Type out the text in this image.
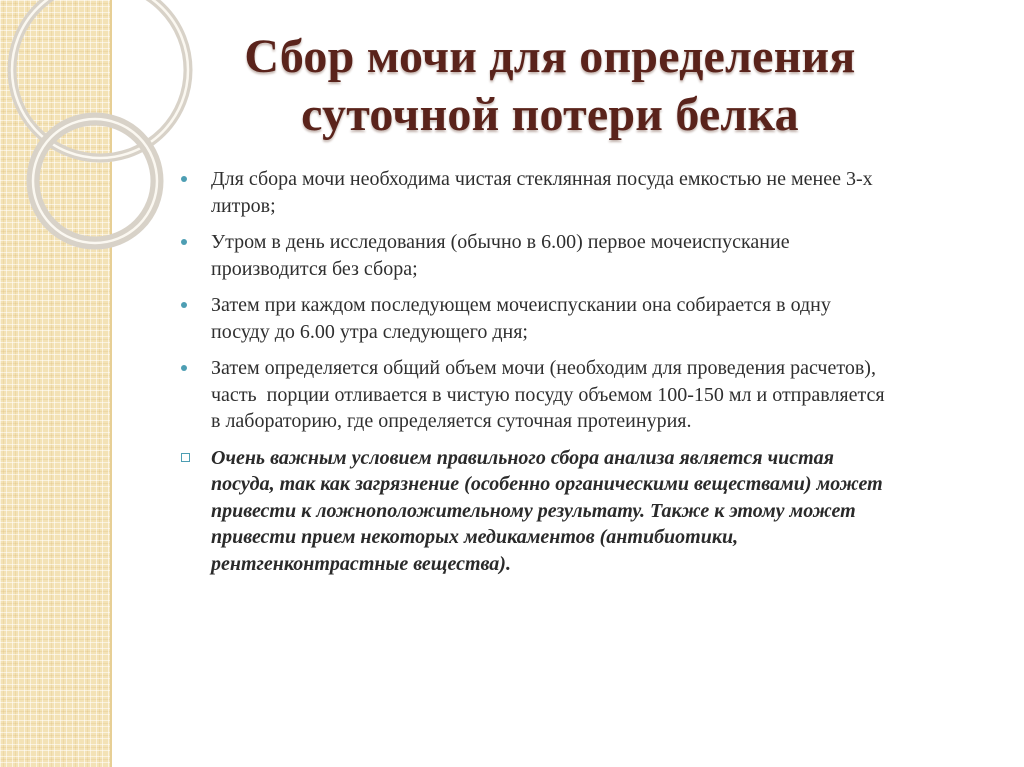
Сбор мочи для определения
суточной потери белка
Для сбора мочи необходима чистая стеклянная посуда емкостью не менее 3-х
литров;
Утром в день исследования (обычно в 6.00) первое мочеиспускание
производится без сбора;
Затем при каждом последующем мочеиспускании она собирается в одну
посуду до 6.00 утра следующего дня;
Затем определяется общий объем мочи (необходим для проведения расчетов),
часть  порции отливается в чистую посуду объемом 100-150 мл и отправляется
в лабораторию, где определяется суточная протеинурия.
Очень важным условием правильного сбора анализа является чистая
посуда, так как загрязнение (особенно органическими веществами) может
привести к ложноположительному результату. Также к этому может
привести прием некоторых медикаментов (антибиотики,
рентгенконтрастные вещества).
